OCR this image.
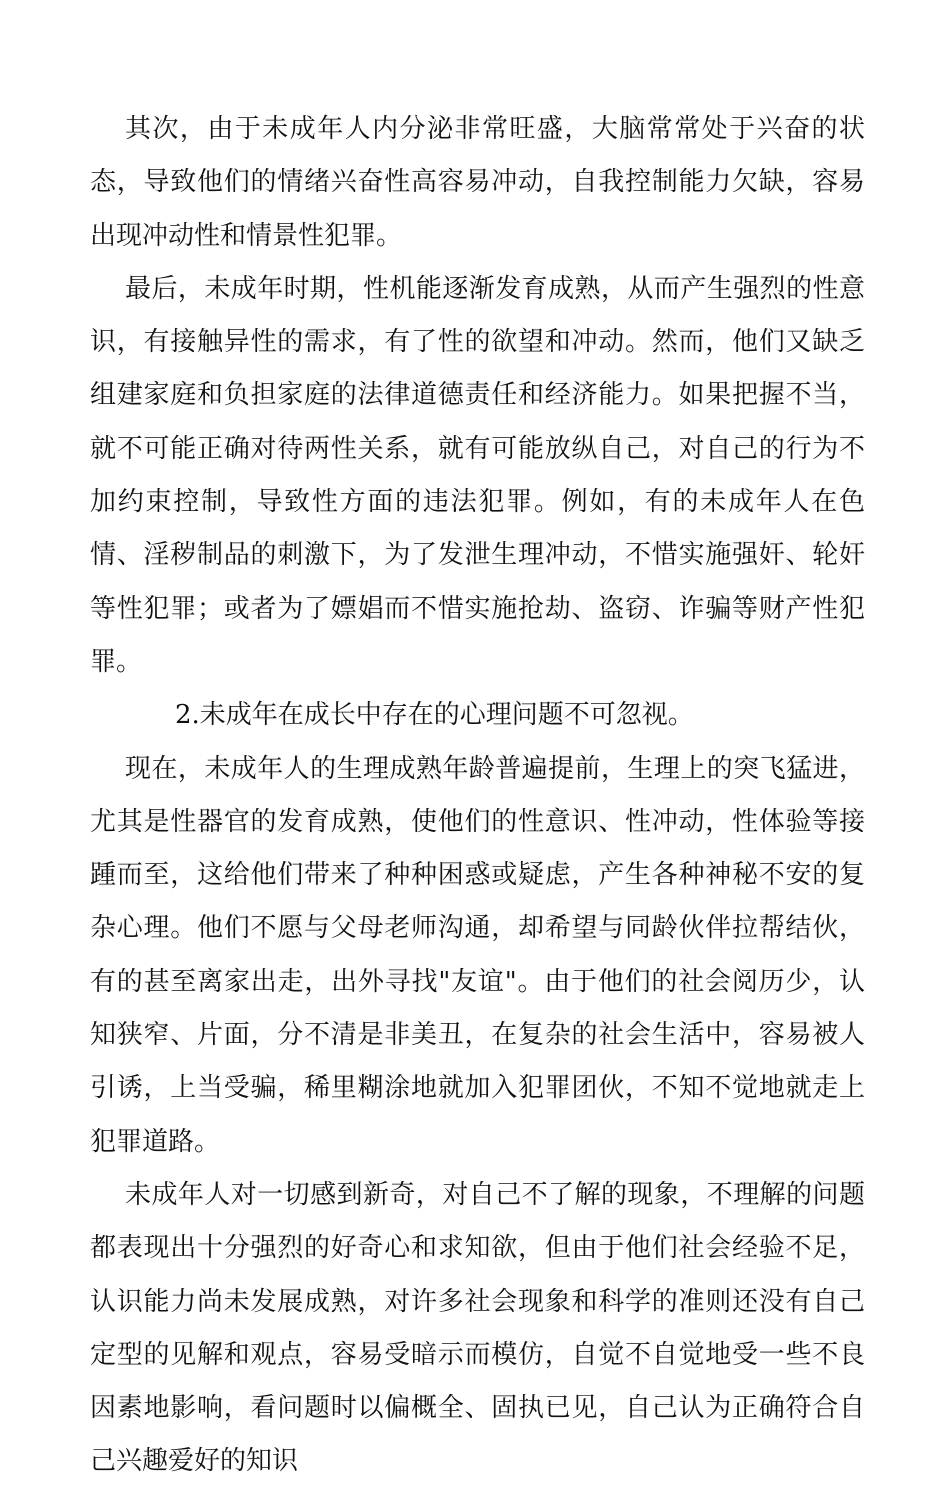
其次，由于未成年人内分泌非常旺盛，大脑常常处于兴奋的状态，导致他们的情绪兴奋性高容易冲动，自我控制能力欠缺，容易出现冲动性和情景性犯罪。

最后，未成年时期，性机能逐渐发育成熟，从而产生强烈的性意识，有接触异性的需求，有了性的欲望和冲动。然而，他们又缺乏组建家庭和负担家庭的法律道德责任和经济能力。如果把握不当，就不可能正确对待两性关系，就有可能放纵自己，对自己的行为不加约束控制，导致性方面的违法犯罪。例如，有的未成年人在色情、淫秽制品的刺激下，为了发泄生理冲动，不惜实施强奸、轮奸等性犯罪；或者为了嫖娼而不惜实施抢劫、盗窃、诈骗等财产性犯罪。

2.未成年在成长中存在的心理问题不可忽视。

现在，未成年人的生理成熟年龄普遍提前，生理上的突飞猛进，尤其是性器官的发育成熟，使他们的性意识、性冲动，性体验等接踵而至，这给他们带来了种种困惑或疑虑，产生各种神秘不安的复杂心理。他们不愿与父母老师沟通，却希望与同龄伙伴拉帮结伙，有的甚至离家出走，出外寻找"友谊"。由于他们的社会阅历少，认知狭窄、片面，分不清是非美丑，在复杂的社会生活中，容易被人引诱，上当受骗，稀里糊涂地就加入犯罪团伙，不知不觉地就走上犯罪道路。

未成年人对一切感到新奇，对自己不了解的现象，不理解的问题都表现出十分强烈的好奇心和求知欲，但由于他们社会经验不足，认识能力尚未发展成熟，对许多社会现象和科学的准则还没有自己定型的见解和观点，容易受暗示而模仿，自觉不自觉地受一些不良因素地影响，看问题时以偏概全、固执已见，自己认为正确符合自己兴趣爱好的知识
